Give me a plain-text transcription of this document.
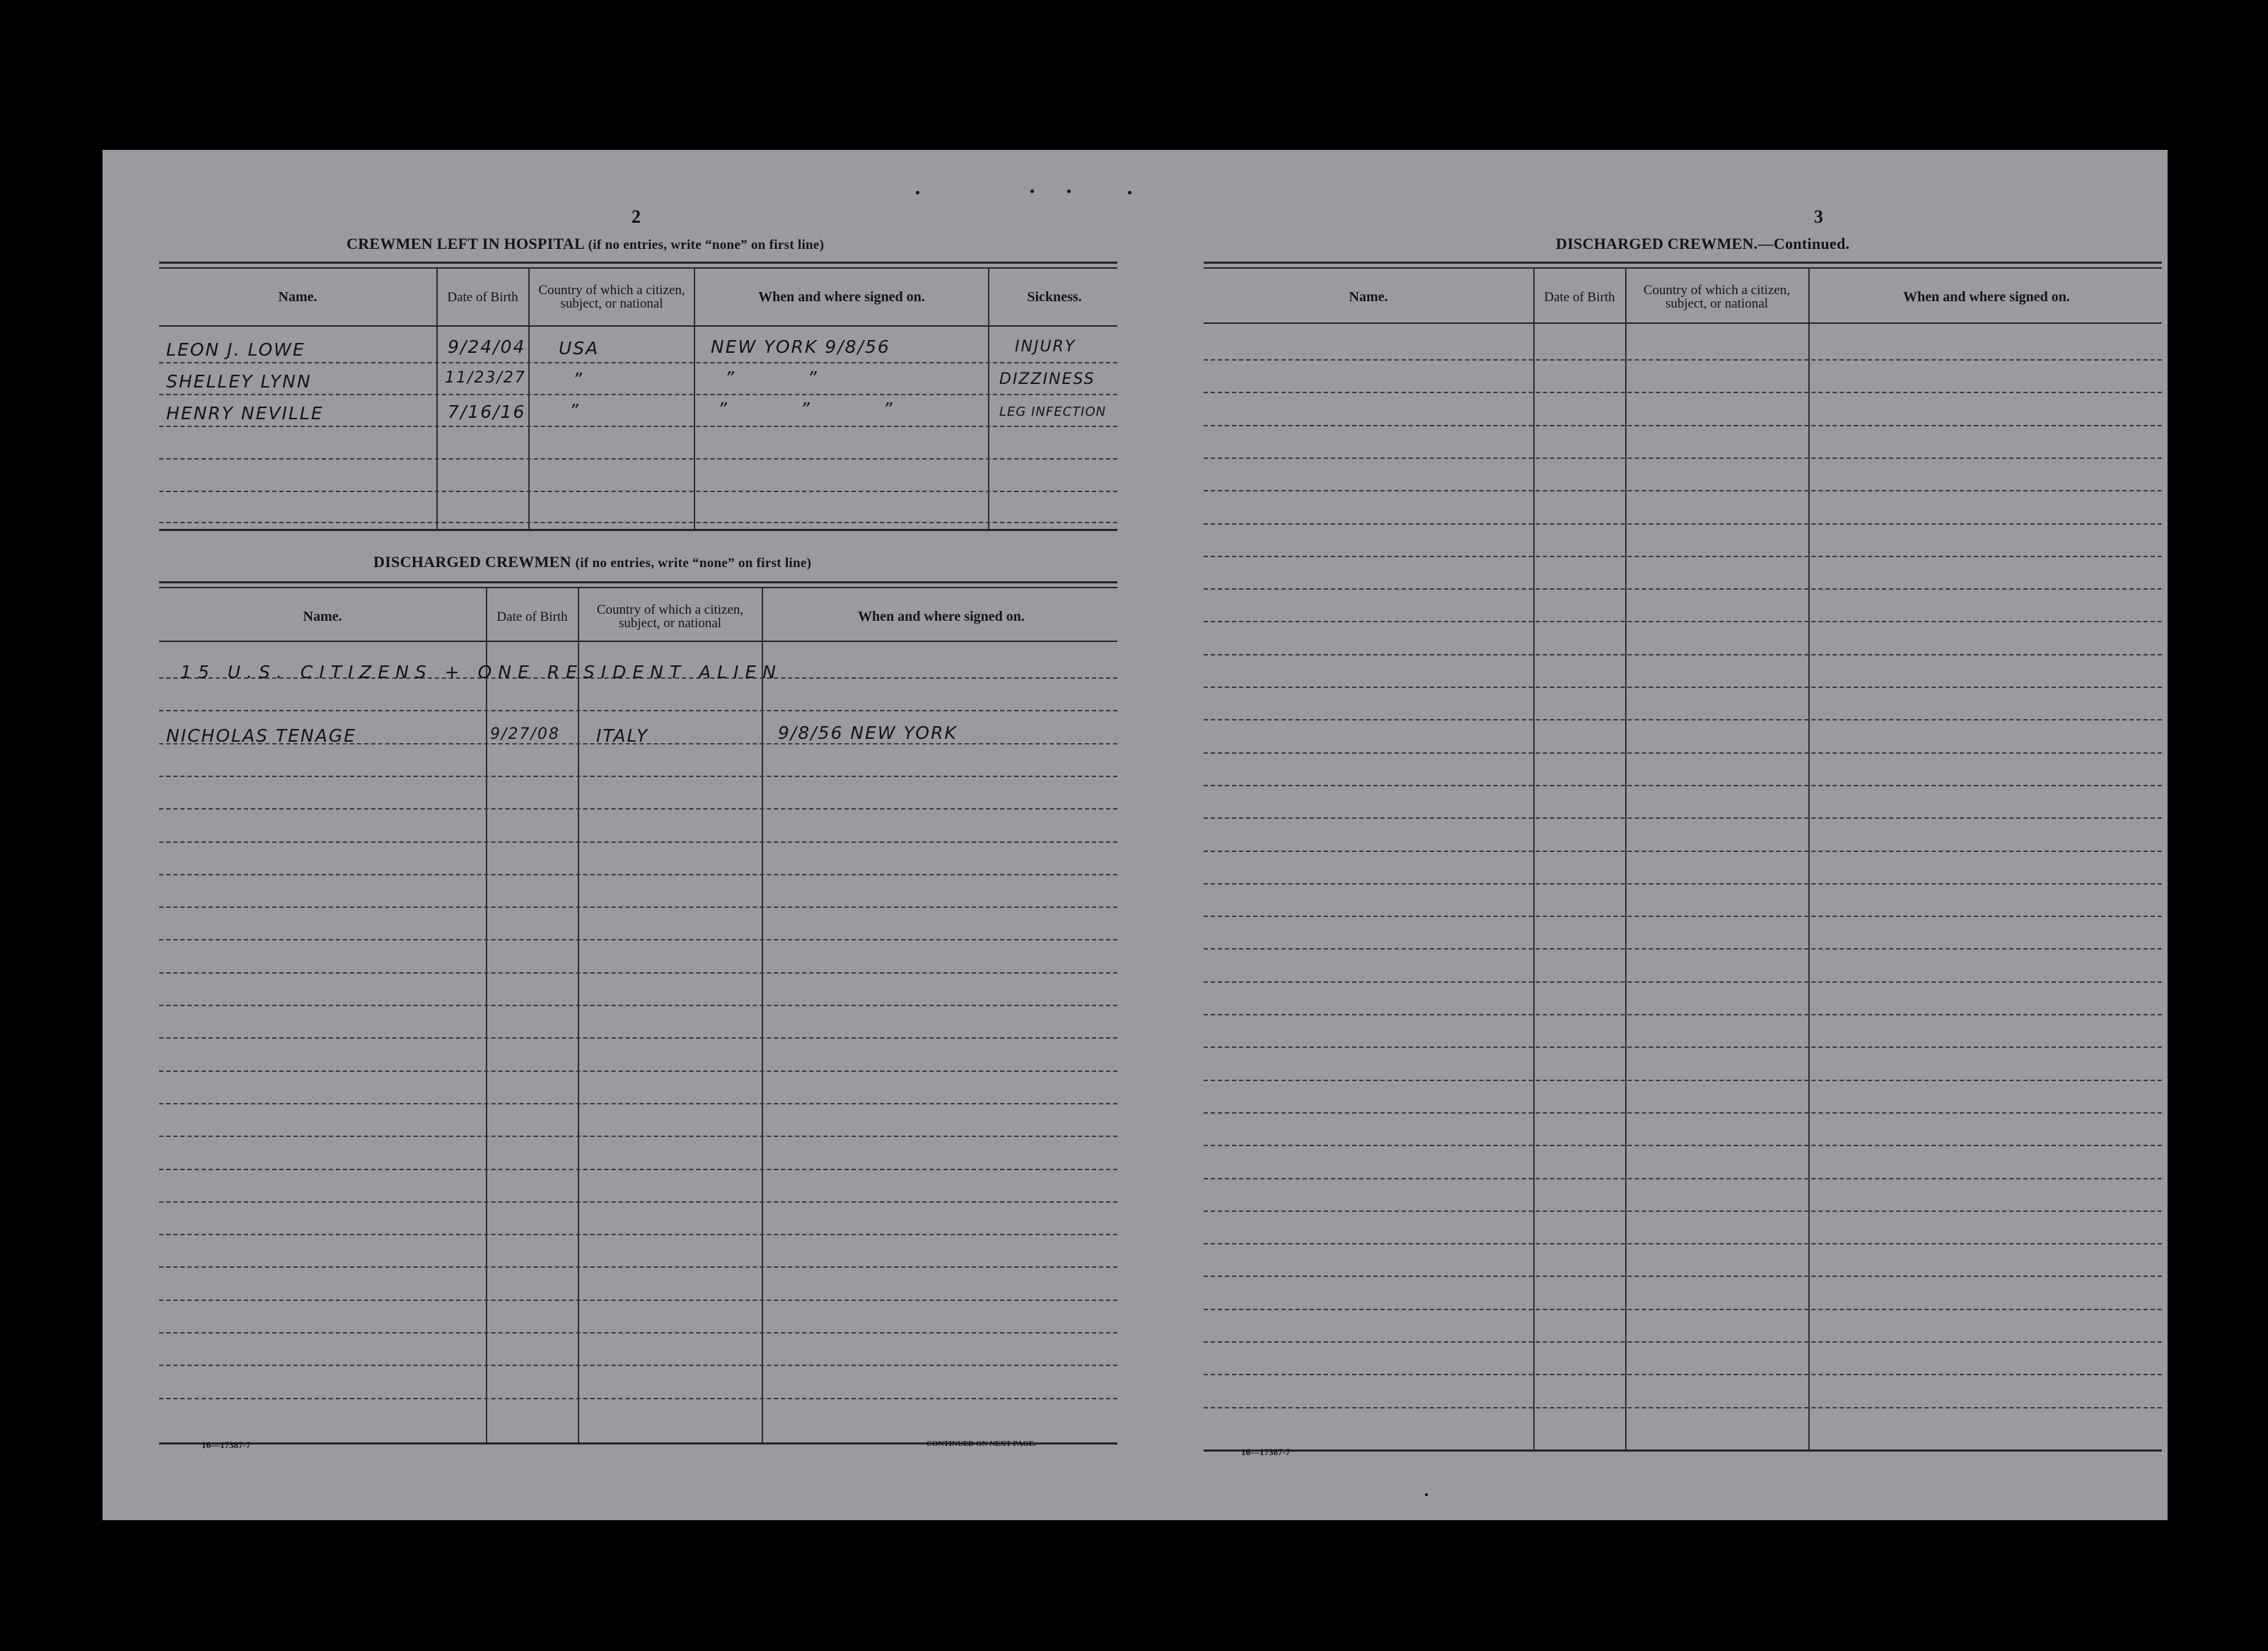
2
CREWMEN LEFT IN HOSPITAL (if no entries, write “none” on first line)
Name.	Date of Birth	Country of which a citizen, subject, or national	When and where signed on.	Sickness.
LEON J. LOWE	9/24/04 USA	NEW YORK 9/8/56	INJURY
SHELLEY LYNN	11/23/27	”	” ”	DIZZINESS
HENRY NEVILLE	7/16/16 ”	” ” ”	LEG INFECTION
DISCHARGED CREWMEN (if no entries, write “none” on first line)
Name.	Date of Birth	Country of which a citizen, subject, or national	When and where signed on.
15 U.S. CITIZENS + ONE RESIDENT ALIEN
NICHOLAS TENAGE	9/27/08 ITALY	9/8/56 NEW YORK
16—17387-7	CONTINUED ON NEXT PAGE.
3
DISCHARGED CREWMEN.—Continued.
Name.	Date of Birth	Country of which a citizen, subject, or national	When and where signed on.
16—17387-7
